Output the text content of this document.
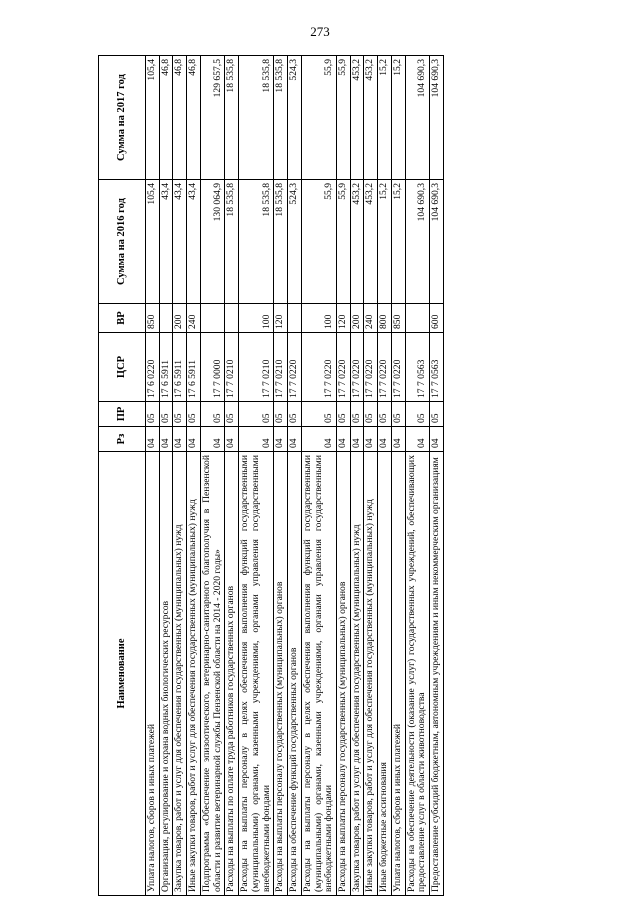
273
Наименование	Рз	ПР	ЦСР	ВР	Сумма на 2016 год	Сумма на 2017 год
Уплата налогов, сборов и иных платежей	04	05	17 6 0220	850	105,4	105,4
Организация, регулирование и охрана водных биологических ресурсов	04	05	17 6 5911		43,4	46,8
Закупка товаров, работ и услуг для обеспечения государственных (муниципальных) нужд	04	05	17 6 5911	200	43,4	46,8
Иные закупки товаров, работ и услуг для обеспечения государственных (муниципальных) нужд	04	05	17 6 5911	240	43,4	46,8
Подпрограмма «Обеспечение эпизоотического, ветеринарно-санитарного благополучия в Пензенской области и развитие ветеринарной службы Пензенской области на 2014 - 2020 годы»	04	05	17 7 0000		130 064,9	129 657,5
Расходы на выплаты по оплате труда работников государственных органов	04	05	17 7 0210		18 535,8	18 535,8
Расходы на выплаты персоналу в целях обеспечения выполнения функций государственными (муниципальными) органами, казенными учреждениями, органами управления государственными внебюджетными фондами	04	05	17 7 0210	100	18 535,8	18 535,8
Расходы на выплаты персоналу государственных (муниципальных) органов	04	05	17 7 0210	120	18 535,8	18 535,8
Расходы на обеспечение функций государственных органов	04	05	17 7 0220		524,3	524,3
Расходы на выплаты персоналу в целях обеспечения выполнения функций государственными (муниципальными) органами, казенными учреждениями, органами управления государственными внебюджетными фондами	04	05	17 7 0220	100	55,9	55,9
Расходы на выплаты персоналу государственных (муниципальных) органов	04	05	17 7 0220	120	55,9	55,9
Закупка товаров, работ и услуг для обеспечения государственных (муниципальных) нужд	04	05	17 7 0220	200	453,2	453,2
Иные закупки товаров, работ и услуг для обеспечения государственных (муниципальных) нужд	04	05	17 7 0220	240	453,2	453,2
Иные бюджетные ассигнования	04	05	17 7 0220	800	15,2	15,2
Уплата налогов, сборов и иных платежей	04	05	17 7 0220	850	15,2	15,2
Расходы на обеспечение деятельности (оказание услуг) государственных учреждений, обеспечивающих предоставление услуг в области животноводства	04	05	17 7 0563		104 690,3	104 690,3
Предоставление субсидий бюджетным, автономным учреждениям и иным некоммерческим организациям	04	05	17 7 0563	600	104 690,3	104 690,3
